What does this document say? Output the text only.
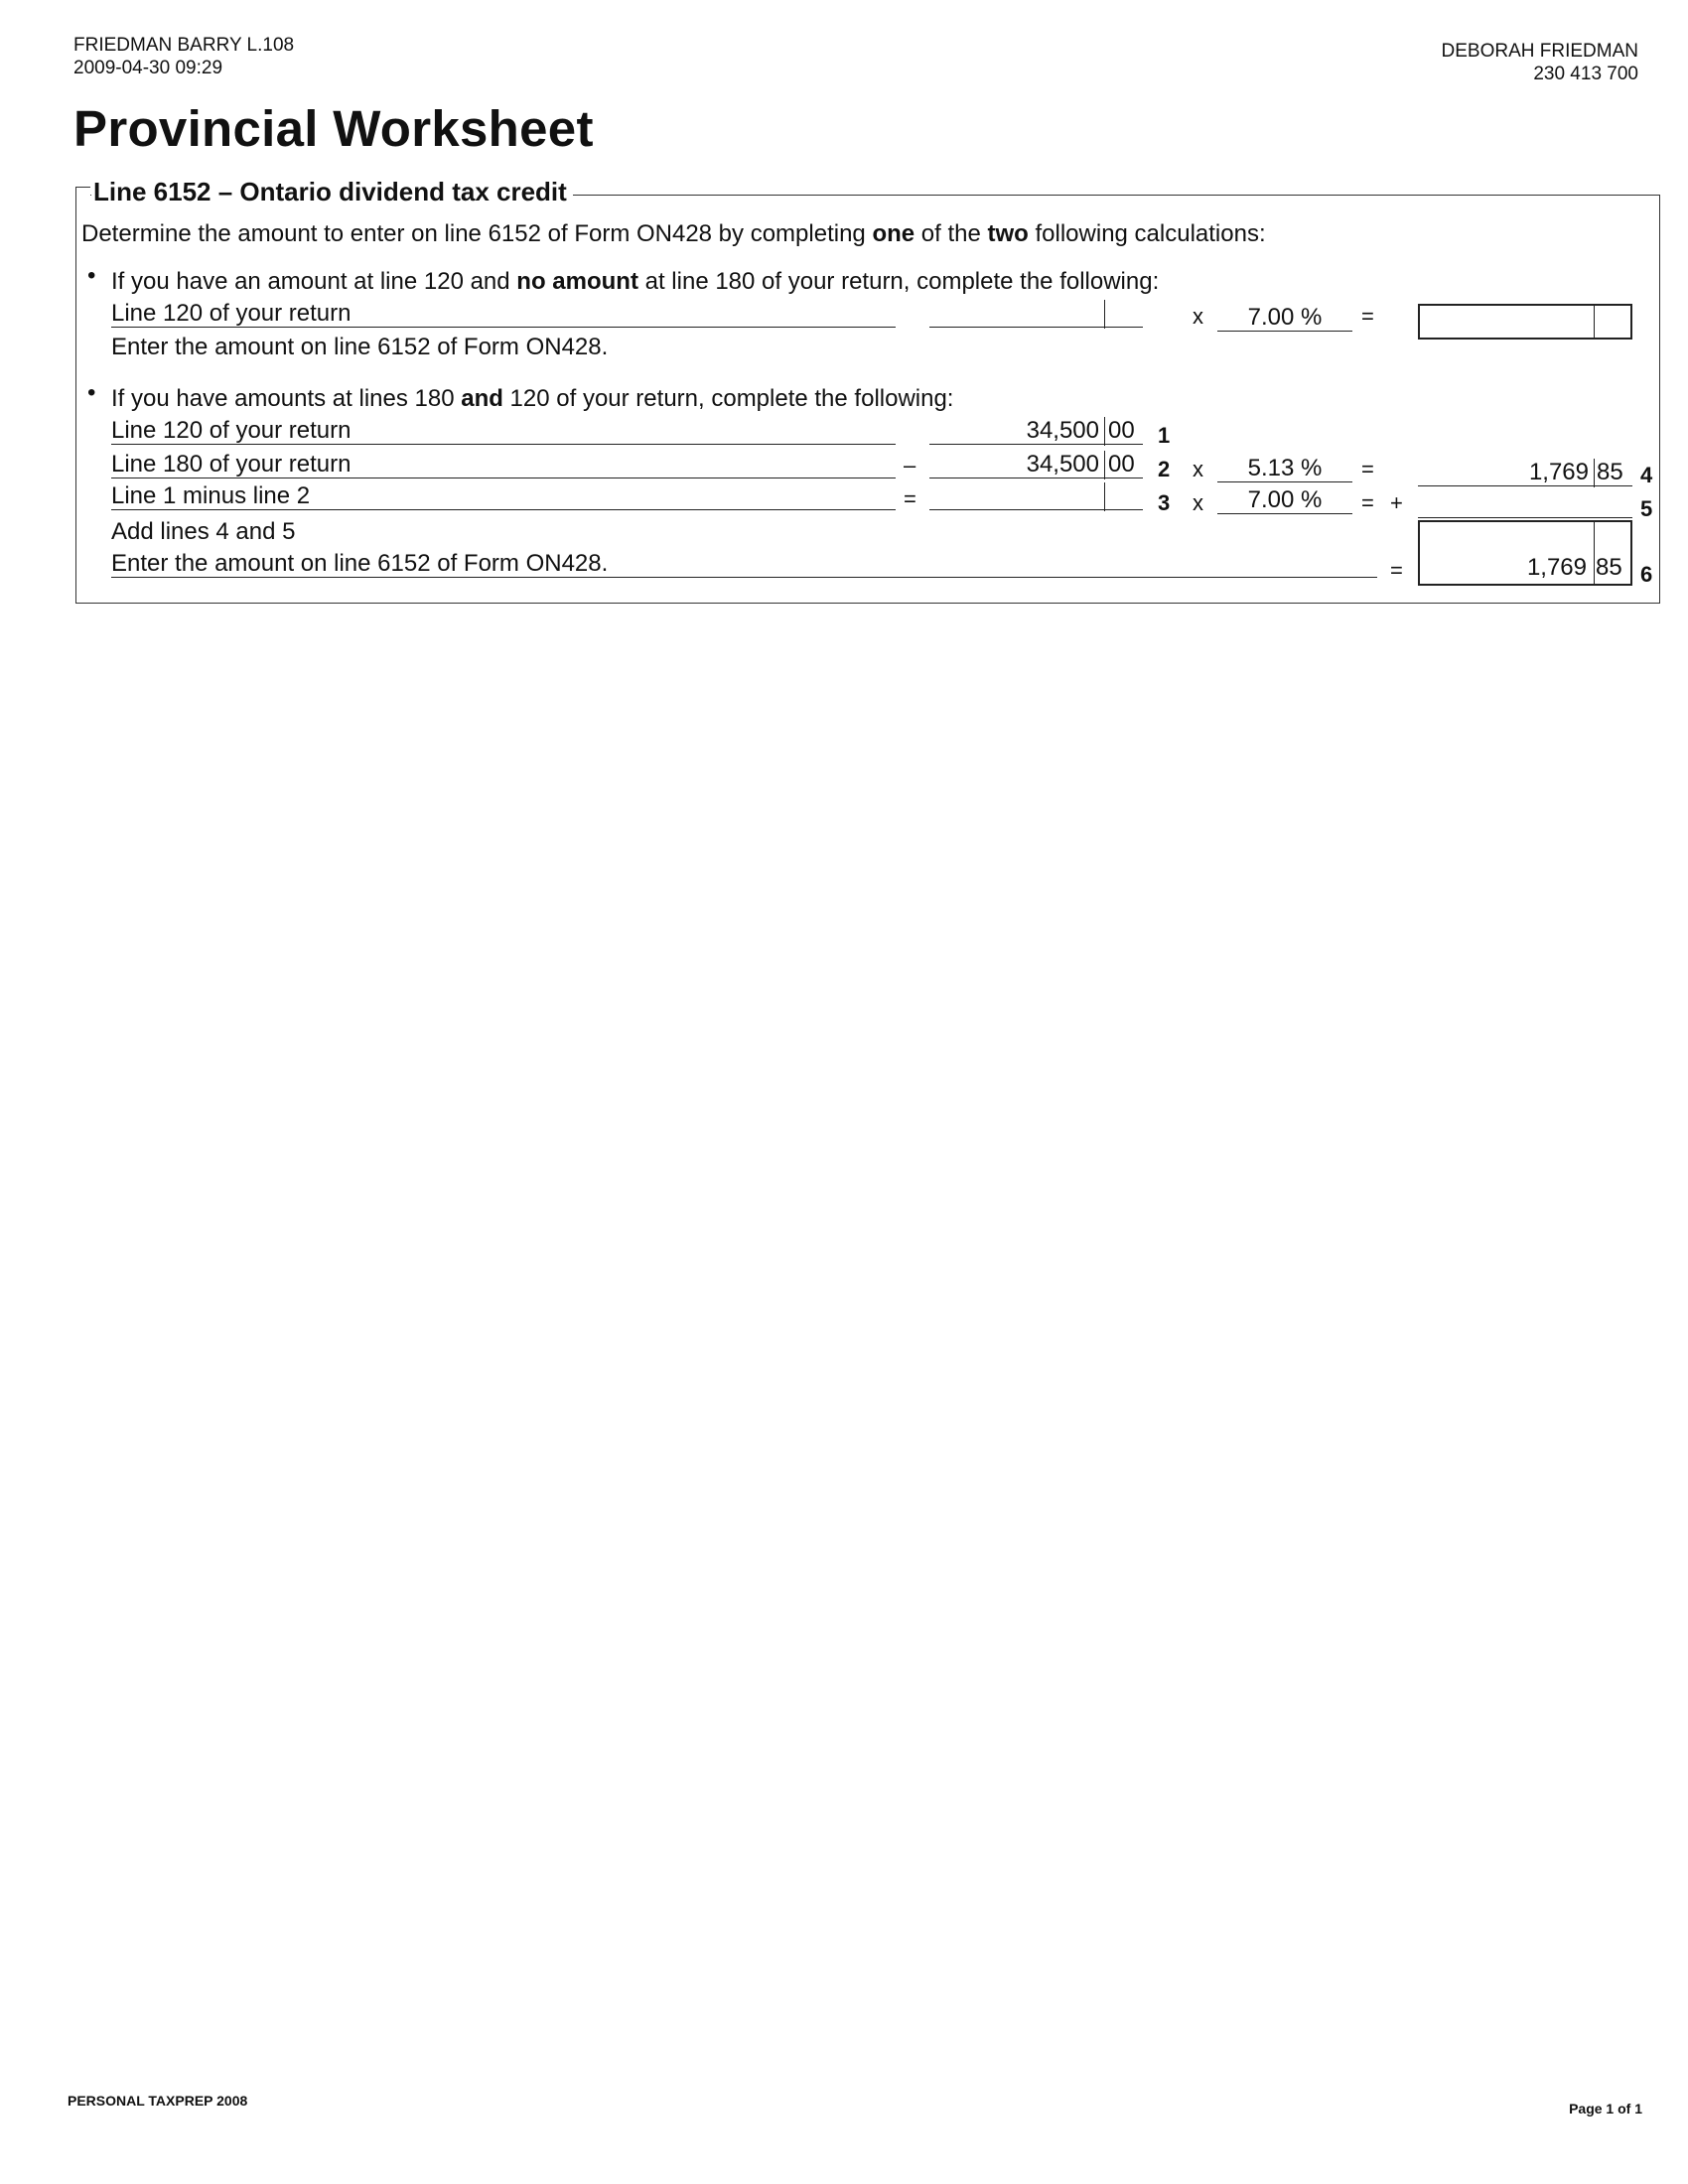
FRIEDMAN BARRY L.108
2009-04-30 09:29
DEBORAH FRIEDMAN
230 413 700
Provincial Worksheet
Line 6152 – Ontario dividend tax credit
Determine the amount to enter on line 6152 of Form ON428 by completing one of the two following calculations:
• If you have an amount at line 120 and no amount at line 180 of your return, complete the following:
Line 120 of your return	x	7.00 %	=
Enter the amount on line 6152 of Form ON428.
• If you have amounts at lines 180 and 120 of your return, complete the following:
Line 120 of your return	34,500 00 1
Line 180 of your return	–	34,500 00 2 x	5.13 %	=	1,769 85 4
Line 1 minus line 2	=	3 x	7.00 %	= +	5
Add lines 4 and 5
Enter the amount on line 6152 of Form ON428.	=	1,769 85 6
PERSONAL TAXPREP 2008	Page 1 of 1
